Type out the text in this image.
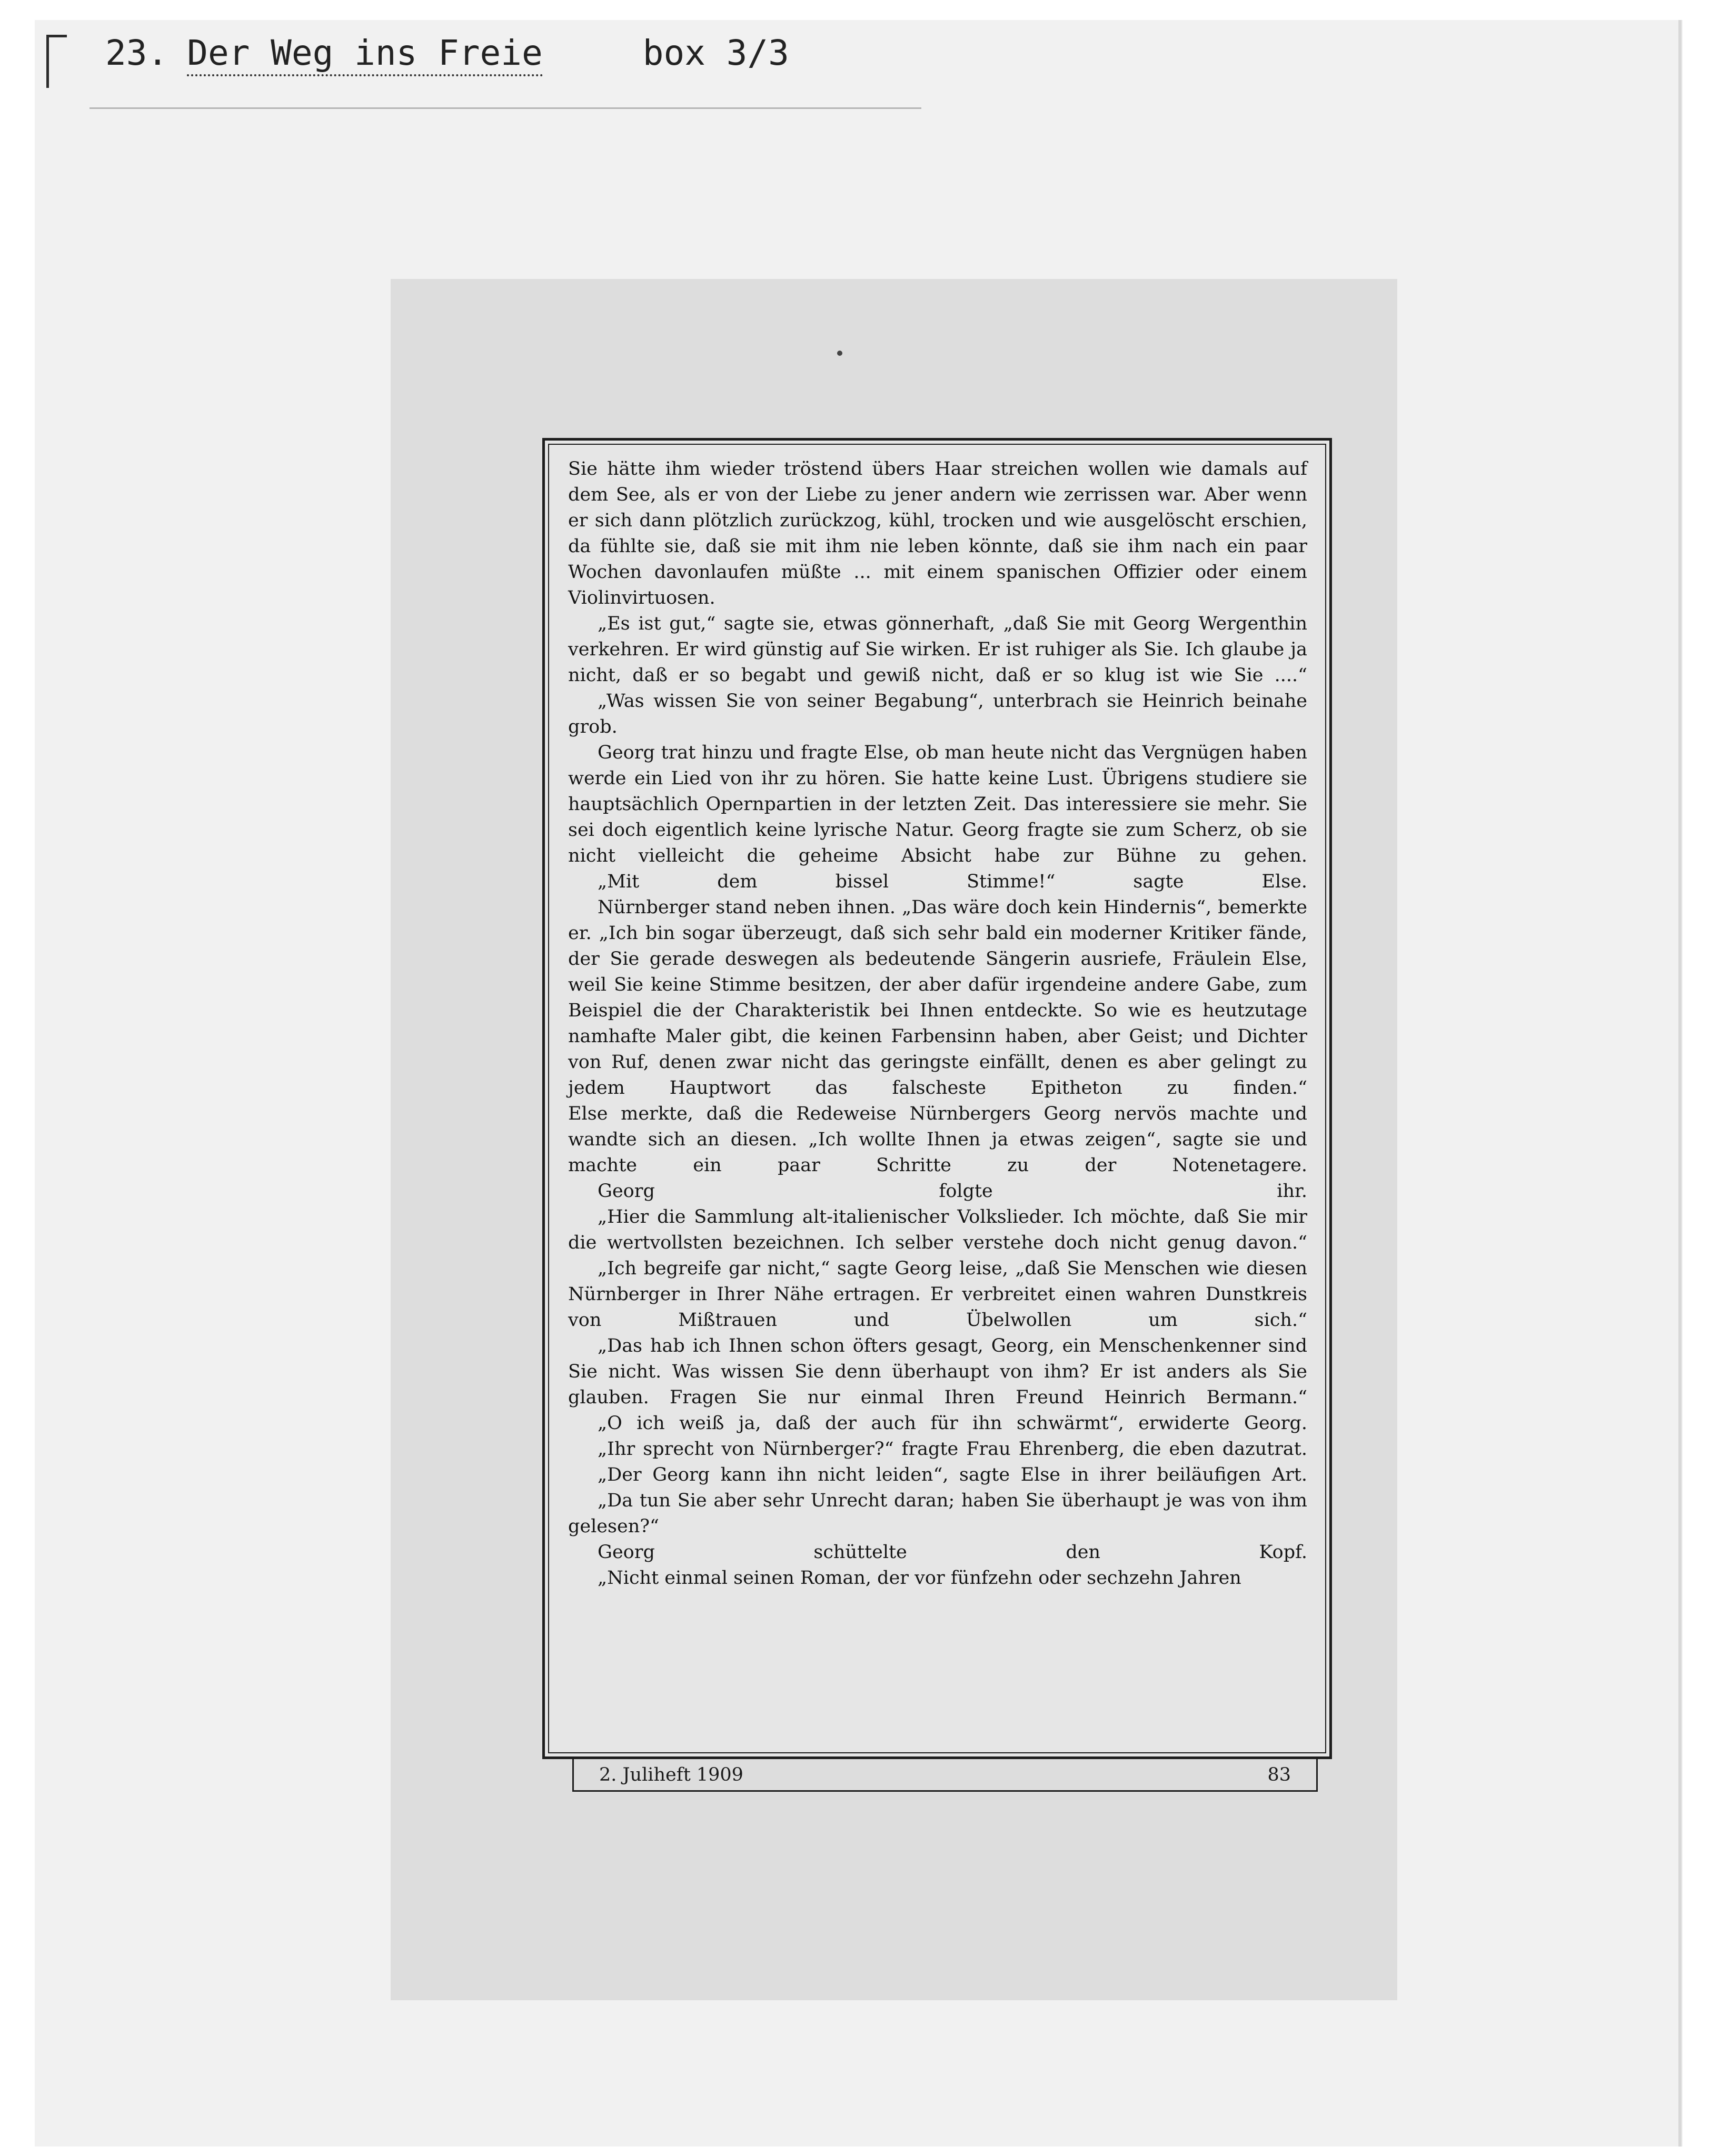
23. Der Weg ins Freie	box 3/3

Sie hätte ihm wieder tröstend übers Haar streichen wollen wie damals auf dem See, als er von der Liebe zu jener andern wie zerrissen war. Aber wenn er sich dann plötzlich zurückzog, kühl, trocken und wie ausgelöscht erschien, da fühlte sie, daß sie mit ihm nie leben könnte, daß sie ihm nach ein paar Wochen davonlaufen müßte ... mit einem spanischen Offizier oder einem Violinvirtuosen.

„Es ist gut,“ sagte sie, etwas gönnerhaft, „daß Sie mit Georg Wergenthin verkehren. Er wird günstig auf Sie wirken. Er ist ruhiger als Sie. Ich glaube ja nicht, daß er so begabt und gewiß nicht, daß er so klug ist wie Sie ....“

„Was wissen Sie von seiner Begabung“, unterbrach sie Heinrich beinahe grob.

Georg trat hinzu und fragte Else, ob man heute nicht das Vergnügen haben werde ein Lied von ihr zu hören. Sie hatte keine Lust. Übrigens studiere sie hauptsächlich Opernpartien in der letzten Zeit. Das interessiere sie mehr. Sie sei doch eigentlich keine lyrische Natur. Georg fragte sie zum Scherz, ob sie nicht vielleicht die geheime Absicht habe zur Bühne zu gehen.

„Mit dem bissel Stimme!“ sagte Else.

Nürnberger stand neben ihnen. „Das wäre doch kein Hindernis“, bemerkte er. „Ich bin sogar überzeugt, daß sich sehr bald ein moderner Kritiker fände, der Sie gerade deswegen als bedeutende Sängerin ausriefe, Fräulein Else, weil Sie keine Stimme besitzen, der aber dafür irgendeine andere Gabe, zum Beispiel die der Charakteristik bei Ihnen entdeckte. So wie es heutzutage namhafte Maler gibt, die keinen Farbensinn haben, aber Geist; und Dichter von Ruf, denen zwar nicht das geringste einfällt, denen es aber gelingt zu jedem Hauptwort das falscheste Epitheton zu finden.“

Else merkte, daß die Redeweise Nürnbergers Georg nervös machte und wandte sich an diesen. „Ich wollte Ihnen ja etwas zeigen“, sagte sie und machte ein paar Schritte zu der Notenetagere.

Georg folgte ihr.

„Hier die Sammlung alt-italienischer Volkslieder. Ich möchte, daß Sie mir die wertvollsten bezeichnen. Ich selber verstehe doch nicht genug davon.“

„Ich begreife gar nicht,“ sagte Georg leise, „daß Sie Menschen wie diesen Nürnberger in Ihrer Nähe ertragen. Er verbreitet einen wahren Dunstkreis von Mißtrauen und Übelwollen um sich.“

„Das hab ich Ihnen schon öfters gesagt, Georg, ein Menschenkenner sind Sie nicht. Was wissen Sie denn überhaupt von ihm? Er ist anders als Sie glauben. Fragen Sie nur einmal Ihren Freund Heinrich Bermann.“

„O ich weiß ja, daß der auch für ihn schwärmt“, erwiderte Georg.

„Ihr sprecht von Nürnberger?“ fragte Frau Ehrenberg, die eben dazutrat.

„Der Georg kann ihn nicht leiden“, sagte Else in ihrer beiläufigen Art.

„Da tun Sie aber sehr Unrecht daran; haben Sie überhaupt je was von ihm gelesen?“

Georg schüttelte den Kopf.

„Nicht einmal seinen Roman, der vor fünfzehn oder sechzehn Jahren

2. Juliheft 1909	83
